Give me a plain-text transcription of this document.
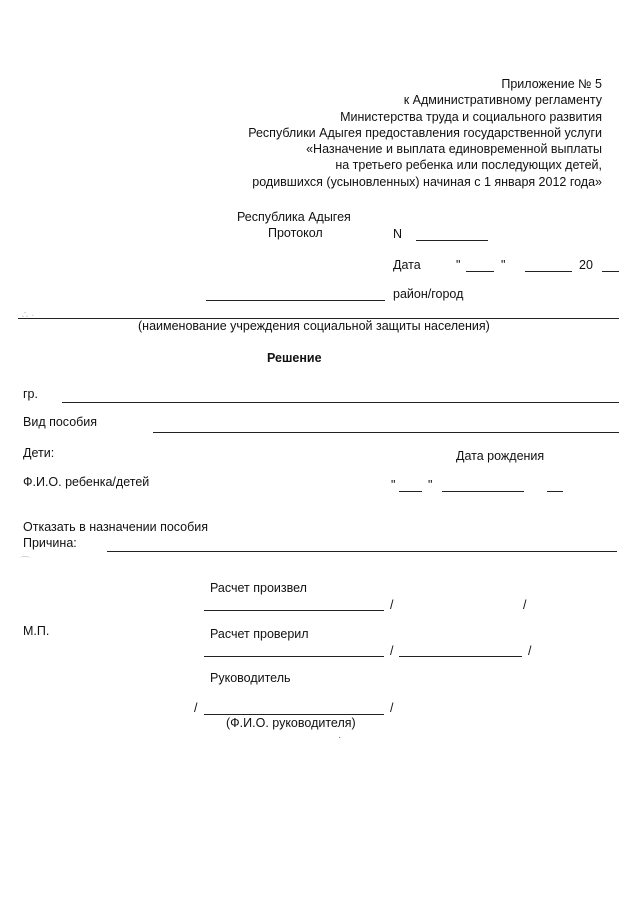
Приложение № 5
к Административному регламенту
Министерства труда и социального развития
Республики Адыгея предоставления государственной услуги
«Назначение и выплата единовременной выплаты
на третьего ребенка или последующих детей,
родившихся (усыновленных) начиная с 1 января 2012 года»
Республика Адыгея
Протокол	N
Дата	"	"	20
район/город
∴ ·
(наименование учреждения социальной защиты населения)
Решение
гр.
Вид пособия
Дети:	Дата рождения
Ф.И.О. ребенка/детей	"	"
Отказать в назначении пособия
Причина:
⌒
Расчет произвел
/	/
М.П.	Расчет проверил
/	/
Руководитель
/	/
(Ф.И.О. руководителя)
·
